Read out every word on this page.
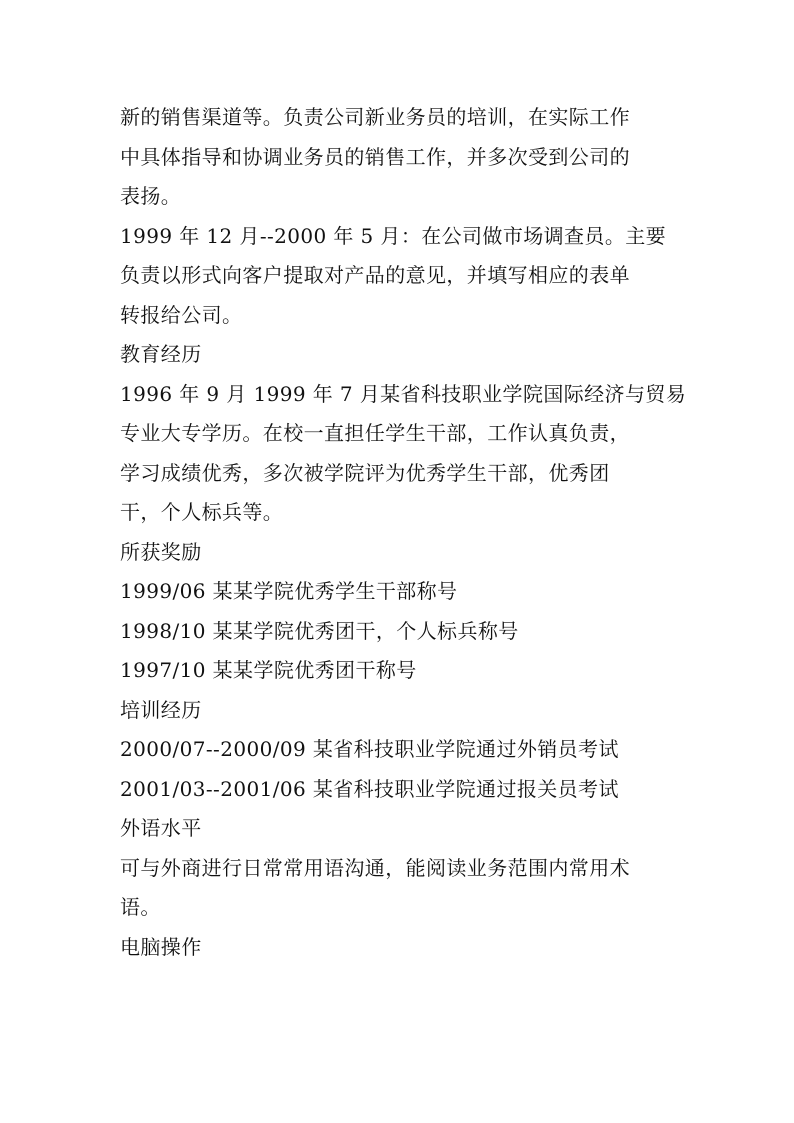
新的销售渠道等。负责公司新业务员的培训，在实际工作
中具体指导和协调业务员的销售工作，并多次受到公司的
表扬。
1999 年 12 月--2000 年 5 月：在公司做市场调查员。主要
负责以形式向客户提取对产品的意见，并填写相应的表单
转报给公司。
教育经历
1996 年 9 月 1999 年 7 月某省科技职业学院国际经济与贸易
专业大专学历。在校一直担任学生干部，工作认真负责，
学习成绩优秀，多次被学院评为优秀学生干部，优秀团
干，个人标兵等。
所获奖励
1999/06 某某学院优秀学生干部称号
1998/10 某某学院优秀团干，个人标兵称号
1997/10 某某学院优秀团干称号
培训经历
2000/07--2000/09 某省科技职业学院通过外销员考试
2001/03--2001/06 某省科技职业学院通过报关员考试
外语水平
可与外商进行日常常用语沟通，能阅读业务范围内常用术
语。
电脑操作
